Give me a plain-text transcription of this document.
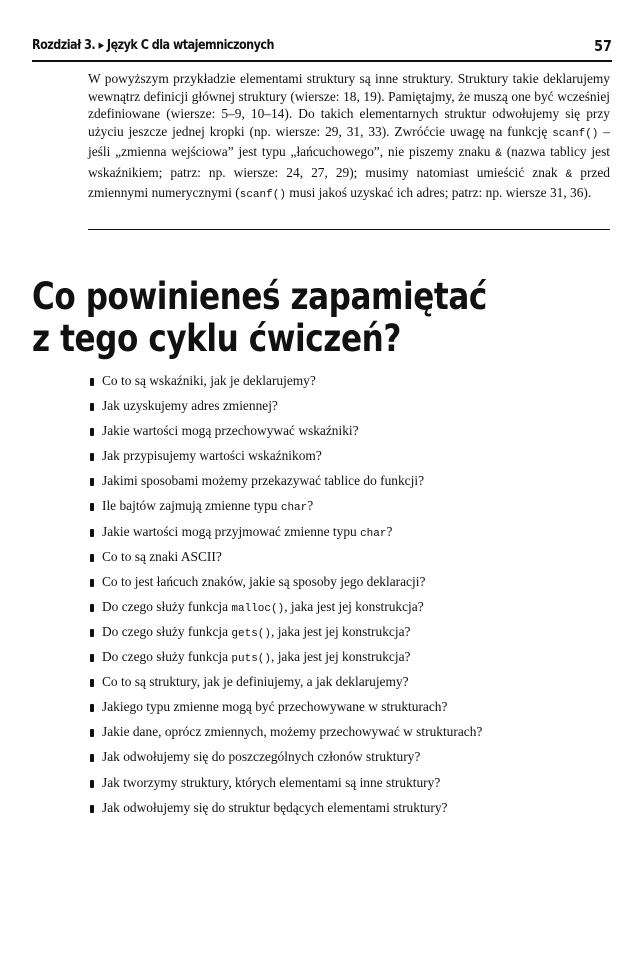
Rozdział 3. ▸ Język C dla wtajemniczonych	57
W powyższym przykładzie elementami struktury są inne struktury. Struktury takie deklarujemy wewnątrz definicji głównej struktury (wiersze: 18, 19). Pamiętajmy, że muszą one być wcześniej zdefiniowane (wiersze: 5–9, 10–14). Do takich elementarnych struktur odwołujemy się przy użyciu jeszcze jednej kropki (np. wiersze: 29, 31, 33). Zwróćcie uwagę na funkcję scanf() – jeśli „zmienna wejściowa” jest typu „łańcuchowego”, nie piszemy znaku & (nazwa tablicy jest wskaźnikiem; patrz: np. wiersze: 24, 27, 29); musimy natomiast umieścić znak & przed zmiennymi numerycznymi (scanf() musi jakoś uzyskać ich adres; patrz: np. wiersze 31, 36).
Co powinieneś zapamiętać
z tego cyklu ćwiczeń?
Co to są wskaźniki, jak je deklarujemy?
Jak uzyskujemy adres zmiennej?
Jakie wartości mogą przechowywać wskaźniki?
Jak przypisujemy wartości wskaźnikom?
Jakimi sposobami możemy przekazywać tablice do funkcji?
Ile bajtów zajmują zmienne typu char?
Jakie wartości mogą przyjmować zmienne typu char?
Co to są znaki ASCII?
Co to jest łańcuch znaków, jakie są sposoby jego deklaracji?
Do czego służy funkcja malloc(), jaka jest jej konstrukcja?
Do czego służy funkcja gets(), jaka jest jej konstrukcja?
Do czego służy funkcja puts(), jaka jest jej konstrukcja?
Co to są struktury, jak je definiujemy, a jak deklarujemy?
Jakiego typu zmienne mogą być przechowywane w strukturach?
Jakie dane, oprócz zmiennych, możemy przechowywać w strukturach?
Jak odwołujemy się do poszczególnych członów struktury?
Jak tworzymy struktury, których elementami są inne struktury?
Jak odwołujemy się do struktur będących elementami struktury?
